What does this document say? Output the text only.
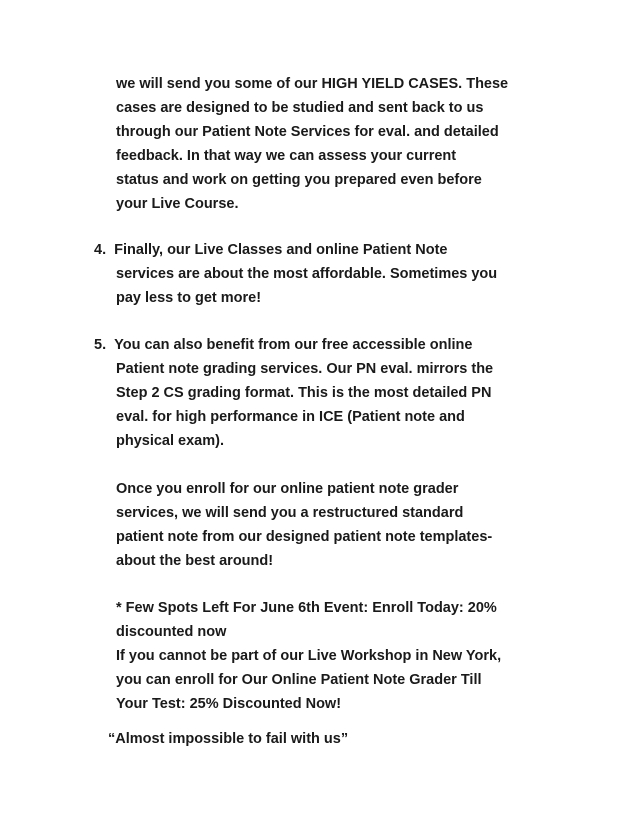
we will send you some of our HIGH YIELD CASES. These
cases are designed to be studied and sent back to us
through our Patient Note Services for eval. and detailed
feedback. In that way we can assess your current
status and work on getting you prepared even before
your Live Course.
4. Finally, our Live Classes and online Patient Note
services are about the most affordable. Sometimes you
pay less to get more!
5. You can also benefit from our free accessible online
Patient note grading services. Our PN eval. mirrors the
Step 2 CS grading format. This is the most detailed PN
eval. for high performance in ICE (Patient note and
physical exam).
Once you enroll for our online patient note grader
services, we will send you a restructured standard
patient note from our designed patient note templates-
about the best around!
* Few Spots Left For June 6th Event: Enroll Today: 20%
discounted now
If you cannot be part of our Live Workshop in New York,
you can enroll for Our Online Patient Note Grader Till
Your Test: 25% Discounted Now!
“Almost impossible to fail with us”
